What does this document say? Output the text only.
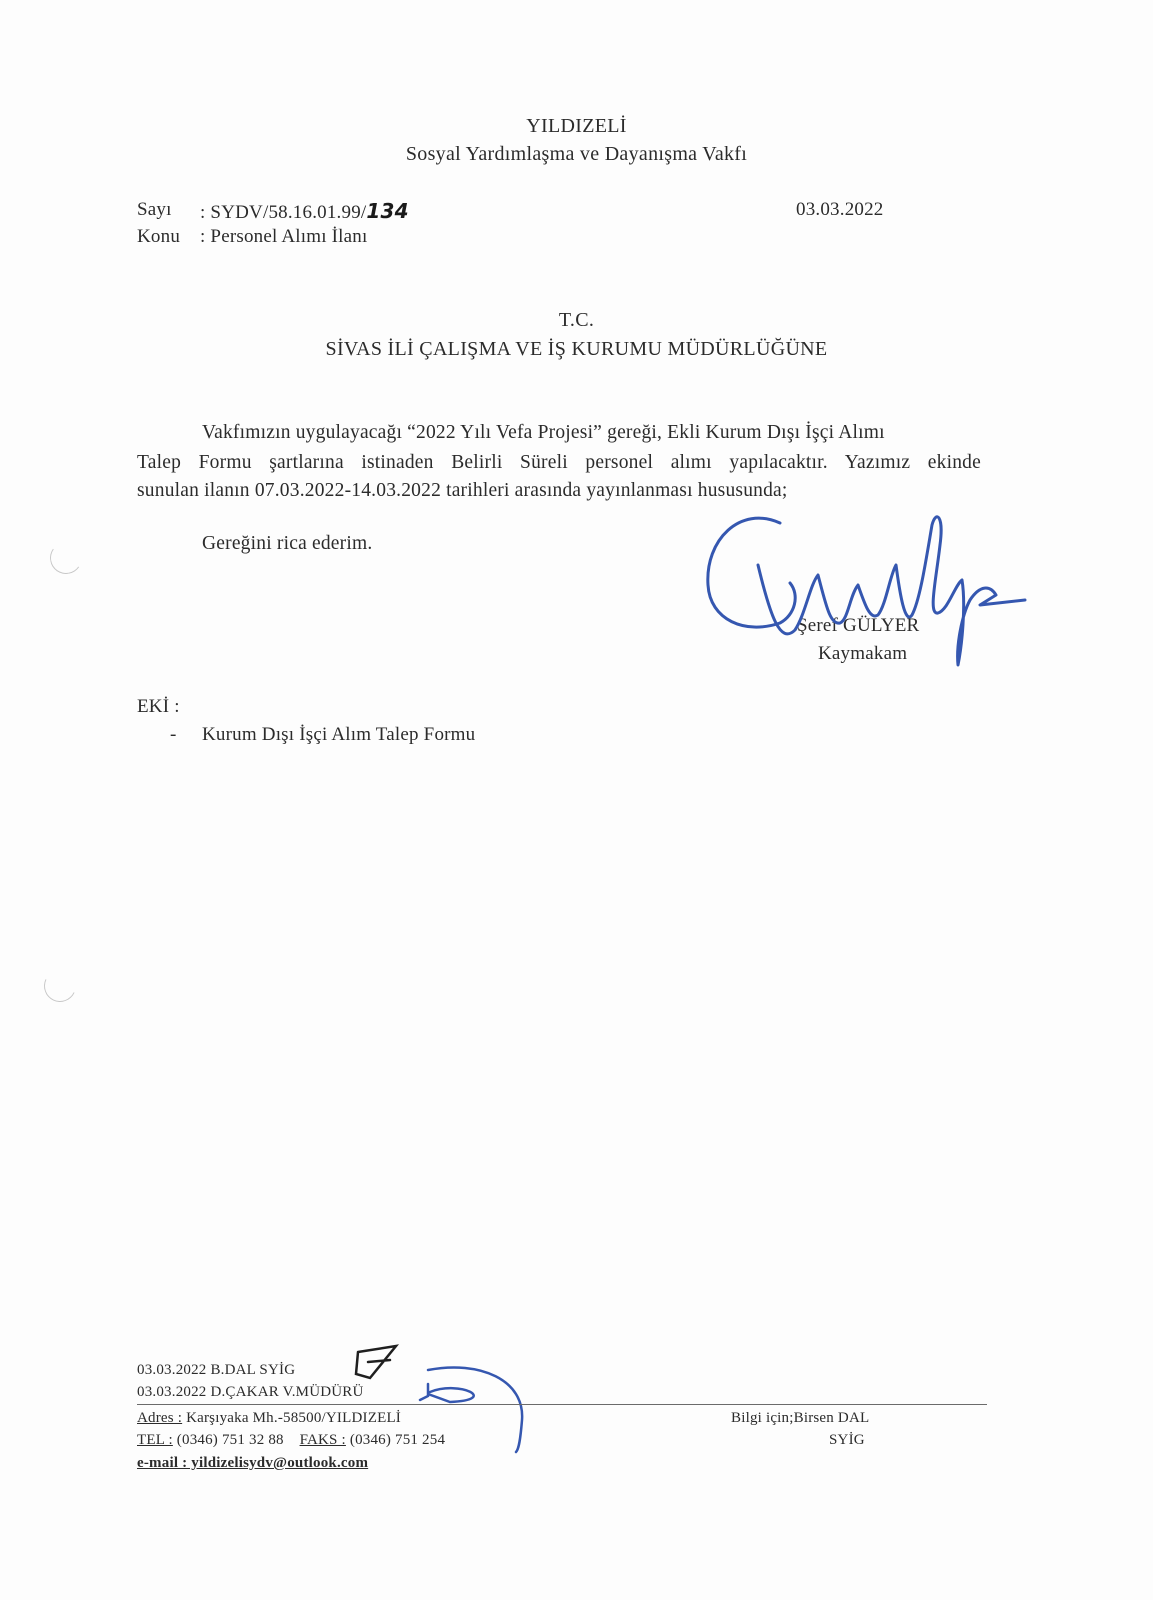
YILDIZELİ
Sosyal Yardımlaşma ve Dayanışma Vakfı
Sayı : SYDV/58.16.01.99/134	03.03.2022
Konu : Personel Alımı İlanı
T.C.
SİVAS İLİ ÇALIŞMA VE İŞ KURUMU MÜDÜRLÜĞÜNE
Vakfımızın uygulayacağı “2022 Yılı Vefa Projesi” gereği, Ekli Kurum Dışı İşçi Alımı
Talep Formu şartlarına istinaden Belirli Süreli personel alımı yapılacaktır. Yazımız ekinde
sunulan ilanın 07.03.2022-14.03.2022 tarihleri arasında yayınlanması hususunda;
Gereğini rica ederim.
Şeref GÜLYER
Kaymakam
EKİ :
- Kurum Dışı İşçi Alım Talep Formu
03.03.2022 B.DAL SYİG
03.03.2022 D.ÇAKAR V.MÜDÜRÜ
Adres : Karşıyaka Mh.-58500/YILDIZELİ
TEL : (0346) 751 32 88 FAKS : (0346) 751 254
e-mail : yildizelisydv@outlook.com
Bilgi için;Birsen DAL
SYİG
